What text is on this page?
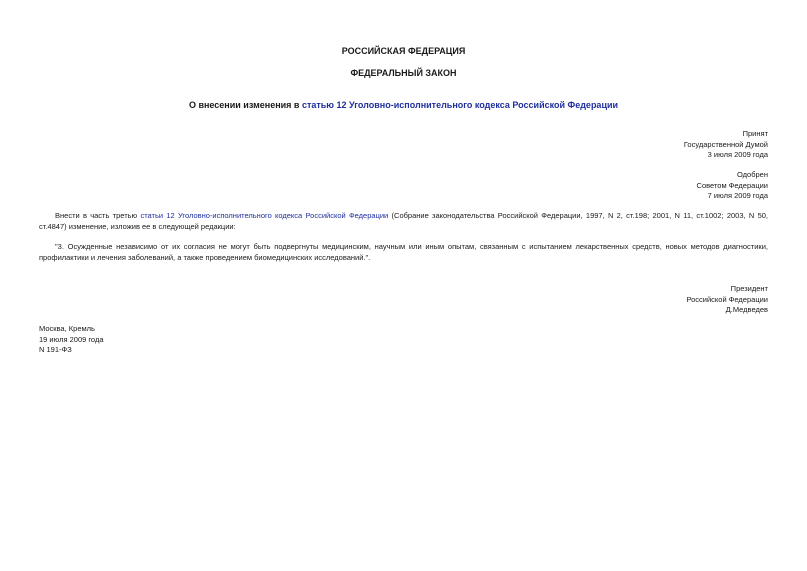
РОССИЙСКАЯ ФЕДЕРАЦИЯ

ФЕДЕРАЛЬНЫЙ ЗАКОН

О внесении изменения в статью 12 Уголовно-исполнительного кодекса Российской Федерации

Принят
Государственной Думой
3 июля 2009 года
Одобрен
Советом Федерации
7 июля 2009 года

Внести в часть третью статьи 12 Уголовно-исполнительного кодекса Российской Федерации (Собрание законодательства Российской Федерации, 1997, N 2, ст.198; 2001, N 11, ст.1002; 2003, N 50, ст.4847) изменение, изложив ее в следующей редакции:

"3. Осужденные независимо от их согласия не могут быть подвергнуты медицинским, научным или иным опытам, связанным с испытанием лекарственных средств, новых методов диагностики, профилактики и лечения заболеваний, а также проведением биомедицинских исследований.".

Президент
Российской Федерации
Д.Медведев
Москва, Кремль
19 июля 2009 года
N 191-ФЗ
